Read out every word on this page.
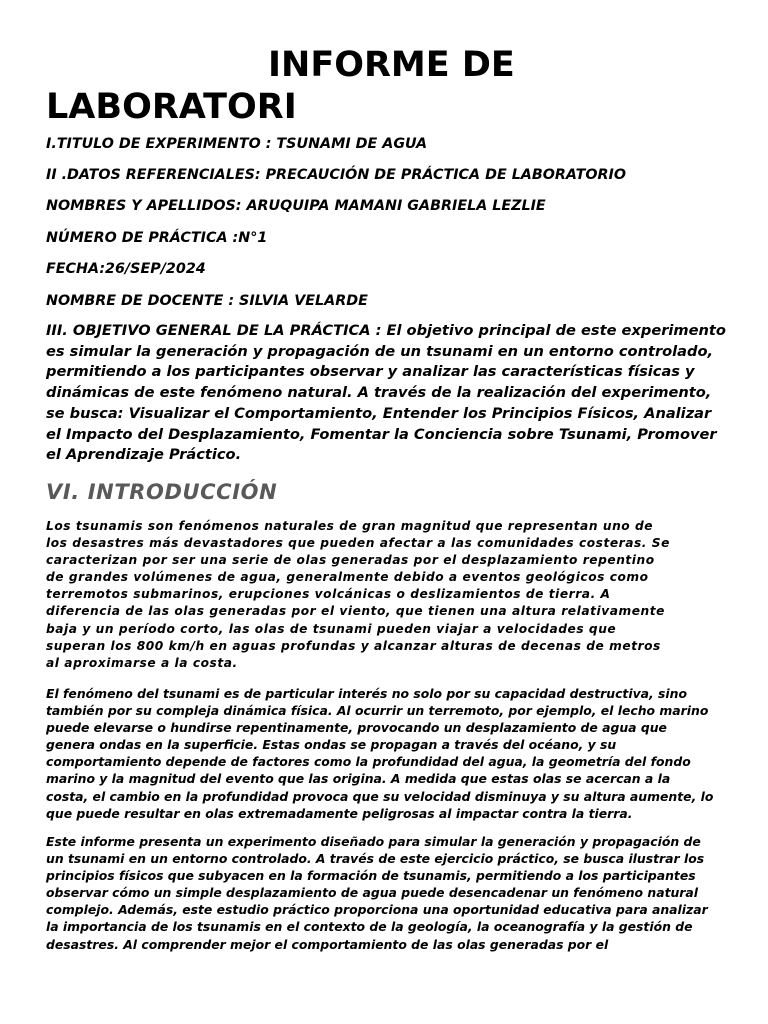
INFORME DE
LABORATORI

I.TITULO DE EXPERIMENTO : TSUNAMI DE AGUA

II .DATOS REFERENCIALES: PRECAUCIÓN DE PRÁCTICA DE LABORATORIO

NOMBRES Y APELLIDOS: ARUQUIPA MAMANI GABRIELA LEZLIE

NÚMERO DE PRÁCTICA :N°1

FECHA:26/SEP/2024

NOMBRE DE DOCENTE : SILVIA VELARDE

III. OBJETIVO GENERAL DE LA PRÁCTICA : El objetivo principal de este experimento es simular la generación y propagación de un tsunami en un entorno controlado, permitiendo a los participantes observar y analizar las características físicas y dinámicas de este fenómeno natural. A través de la realización del experimento, se busca: Visualizar el Comportamiento, Entender los Principios Físicos, Analizar el Impacto del Desplazamiento, Fomentar la Conciencia sobre Tsunami, Promover el Aprendizaje Práctico.

VI. INTRODUCCIÓN
Los tsunamis son fenómenos naturales de gran magnitud que representan uno de
los desastres más devastadores que pueden afectar a las comunidades costeras. Se
caracterizan por ser una serie de olas generadas por el desplazamiento repentino
de grandes volúmenes de agua, generalmente debido a eventos geológicos como
terremotos submarinos, erupciones volcánicas o deslizamientos de tierra. A
diferencia de las olas generadas por el viento, que tienen una altura relativamente
baja y un período corto, las olas de tsunami pueden viajar a velocidades que
superan los 800 km/h en aguas profundas y alcanzar alturas de decenas de metros
al aproximarse a la costa.
El fenómeno del tsunami es de particular interés no solo por su capacidad destructiva, sino
también por su compleja dinámica física. Al ocurrir un terremoto, por ejemplo, el lecho marino
puede elevarse o hundirse repentinamente, provocando un desplazamiento de agua que
genera ondas en la superficie. Estas ondas se propagan a través del océano, y su
comportamiento depende de factores como la profundidad del agua, la geometría del fondo
marino y la magnitud del evento que las origina. A medida que estas olas se acercan a la
costa, el cambio en la profundidad provoca que su velocidad disminuya y su altura aumente, lo
que puede resultar en olas extremadamente peligrosas al impactar contra la tierra.
Este informe presenta un experimento diseñado para simular la generación y propagación de
un tsunami en un entorno controlado. A través de este ejercicio práctico, se busca ilustrar los
principios físicos que subyacen en la formación de tsunamis, permitiendo a los participantes
observar cómo un simple desplazamiento de agua puede desencadenar un fenómeno natural
complejo. Además, este estudio práctico proporciona una oportunidad educativa para analizar
la importancia de los tsunamis en el contexto de la geología, la oceanografía y la gestión de
desastres. Al comprender mejor el comportamiento de las olas generadas por el
